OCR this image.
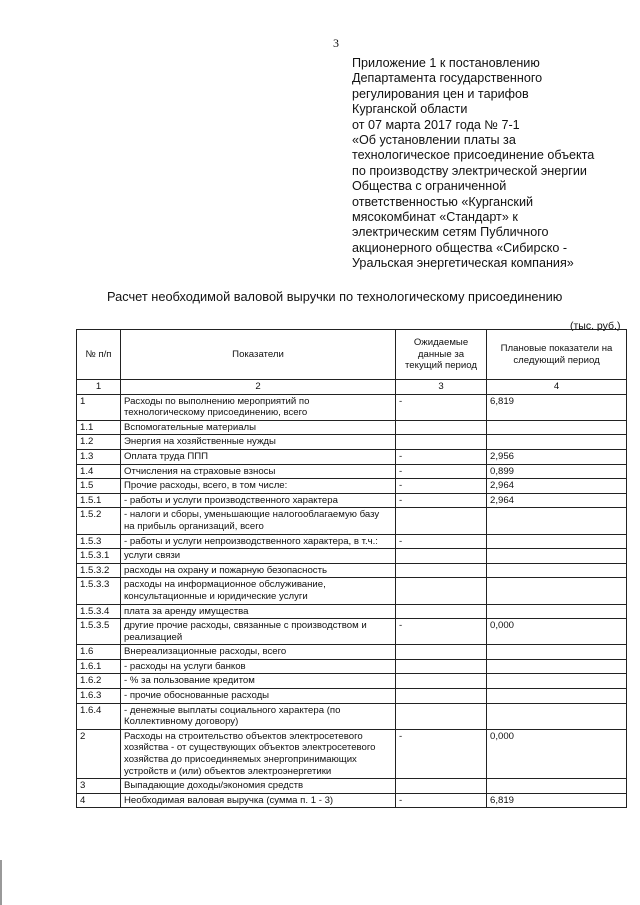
3
Приложение 1 к постановлению
Департамента государственного
регулирования цен и тарифов
Курганской области
от 07 марта 2017 года № 7-1
«Об установлении платы за
технологическое присоединение объекта
по производству электрической энергии
Общества с ограниченной
ответственностью «Курганский
мясокомбинат «Стандарт» к
электрическим сетям Публичного
акционерного общества «Сибирско -
Уральская энергетическая компания»
Расчет необходимой валовой выручки по технологическому присоединению
(тыс. руб.)
№ п/п	Показатели	Ожидаемые данные за текущий период	Плановые показатели на следующий период
1	2	3	4
1	Расходы по выполнению мероприятий по технологическому присоединению, всего	-	6,819
1.1	Вспомогательные материалы		
1.2	Энергия на хозяйственные нужды		
1.3	Оплата труда ППП	-	2,956
1.4	Отчисления на страховые взносы	-	0,899
1.5	Прочие расходы, всего, в том числе:	-	2,964
1.5.1	- работы и услуги производственного характера	-	2,964
1.5.2	- налоги и сборы, уменьшающие налогооблагаемую базу на прибыль организаций, всего		
1.5.3	- работы и услуги непроизводственного характера, в т.ч.:	-	
1.5.3.1	услуги связи		
1.5.3.2	расходы на охрану и пожарную безопасность		
1.5.3.3	расходы на информационное обслуживание, консультационные и юридические услуги		
1.5.3.4	плата за аренду имущества		
1.5.3.5	другие прочие расходы, связанные с производством и реализацией	-	0,000
1.6	Внереализационные расходы, всего		
1.6.1	- расходы на услуги банков		
1.6.2	- % за пользование кредитом		
1.6.3	- прочие обоснованные расходы		
1.6.4	- денежные выплаты социального характера (по Коллективному договору)		
2	Расходы на строительство объектов электросетевого хозяйства - от существующих объектов электросетевого хозяйства до присоединяемых энергопринимающих устройств и (или) объектов электроэнергетики	-	0,000
3	Выпадающие доходы/экономия средств		
4	Необходимая валовая выручка (сумма п. 1 - 3)	-	6,819
